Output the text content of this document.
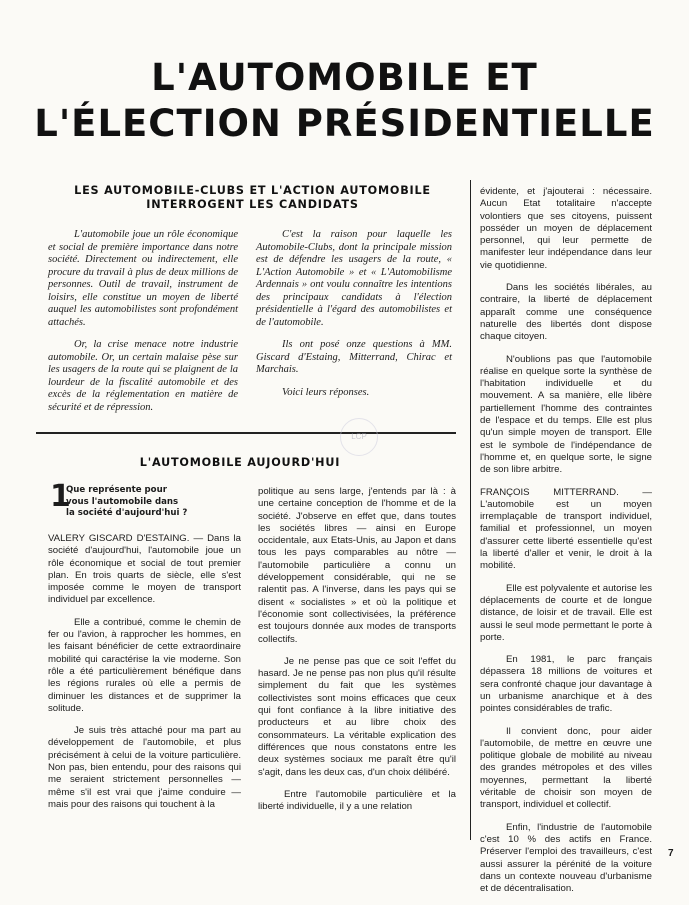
L'AUTOMOBILE ET
L'ÉLECTION PRÉSIDENTIELLE
LES AUTOMOBILE-CLUBS ET L'ACTION AUTOMOBILE
INTERROGENT LES CANDIDATS

L'automobile joue un rôle économique et social de première importance dans notre société. Directement ou indirectement, elle procure du travail à plus de deux millions de personnes. Outil de travail, instrument de loisirs, elle constitue un moyen de liberté auquel les automobilistes sont profondément attachés.

Or, la crise menace notre industrie automobile. Or, un certain malaise pèse sur les usagers de la route qui se plaignent de la lourdeur de la fiscalité automobile et des excès de la réglementation en matière de sécurité et de répression.

C'est la raison pour laquelle les Automobile-Clubs, dont la principale mission est de défendre les usagers de la route, « L'Action Automobile » et « L'Automobilisme Ardennais » ont voulu connaître les intentions des principaux candidats à l'élection présidentielle à l'égard des automobilistes et de l'automobile.

Ils ont posé onze questions à MM. Giscard d'Estaing, Mitterrand, Chirac et Marchais.

Voici leurs réponses.

LCP
L'AUTOMOBILE AUJOURD'HUI
1
Que représente pour vous l'automobile dans la société d'aujourd'hui ?

VALERY GISCARD D'ESTAING. — Dans la société d'aujourd'hui, l'automobile joue un rôle économique et social de tout premier plan. En trois quarts de siècle, elle s'est imposée comme le moyen de transport individuel par excellence.

Elle a contribué, comme le chemin de fer ou l'avion, à rapprocher les hommes, en les faisant bénéficier de cette extraordinaire mobilité qui caractérise la vie moderne. Son rôle a été particulièrement bénéfique dans les régions rurales où elle a permis de diminuer les distances et de supprimer la solitude.

Je suis très attaché pour ma part au développement de l'automobile, et plus précisément à celui de la voiture particulière. Non pas, bien entendu, pour des raisons qui me seraient strictement personnelles — même s'il est vrai que j'aime conduire — mais pour des raisons qui touchent à la

politique au sens large, j'entends par là : à une certaine conception de l'homme et de la société. J'observe en effet que, dans toutes les sociétés libres — ainsi en Europe occidentale, aux Etats-Unis, au Japon et dans tous les pays comparables au nôtre — l'automobile particulière a connu un développement considérable, qui ne se ralentit pas. A l'inverse, dans les pays qui se disent « socialistes » et où la politique et l'économie sont collectivisées, la préférence est toujours donnée aux modes de transports collectifs.

Je ne pense pas que ce soit l'effet du hasard. Je ne pense pas non plus qu'il résulte simplement du fait que les systèmes collectivistes sont moins efficaces que ceux qui font confiance à la libre initiative des producteurs et au libre choix des consommateurs. La véritable explication des différences que nous constatons entre les deux systèmes sociaux me paraît être qu'il s'agit, dans les deux cas, d'un choix délibéré.

Entre l'automobile particulière et la liberté individuelle, il y a une relation

évidente, et j'ajouterai : nécessaire. Aucun Etat totalitaire n'accepte volontiers que ses citoyens, puissent posséder un moyen de déplacement personnel, qui leur permette de manifester leur indépendance dans leur vie quotidienne.

Dans les sociétés libérales, au contraire, la liberté de déplacement apparaît comme une conséquence naturelle des libertés dont dispose chaque citoyen.

N'oublions pas que l'automobile réalise en quelque sorte la synthèse de l'habitation individuelle et du mouvement. A sa manière, elle libère partiellement l'homme des contraintes de l'espace et du temps. Elle est plus qu'un simple moyen de transport. Elle est le symbole de l'indépendance de l'homme et, en quelque sorte, le signe de son libre arbitre.

FRANÇOIS MITTERRAND. — L'automobile est un moyen irremplaçable de transport individuel, familial et professionnel, un moyen d'assurer cette liberté essentielle qu'est la liberté d'aller et venir, le droit à la mobilité.

Elle est polyvalente et autorise les déplacements de courte et de longue distance, de loisir et de travail. Elle est aussi le seul mode permettant le porte à porte.

En 1981, le parc français dépassera 18 millions de voitures et sera confronté chaque jour davantage à un urbanisme anarchique et à des pointes considérables de trafic.

Il convient donc, pour aider l'automobile, de mettre en œuvre une politique globale de mobilité au niveau des grandes métropoles et des villes moyennes, permettant la liberté véritable de choisir son moyen de transport, individuel et collectif.

Enfin, l'industrie de l'automobile c'est 10 % des actifs en France. Préserver l'emploi des travailleurs, c'est aussi assurer la pérénité de la voiture dans un contexte nouveau d'urbanisme et de décentralisation.

7
